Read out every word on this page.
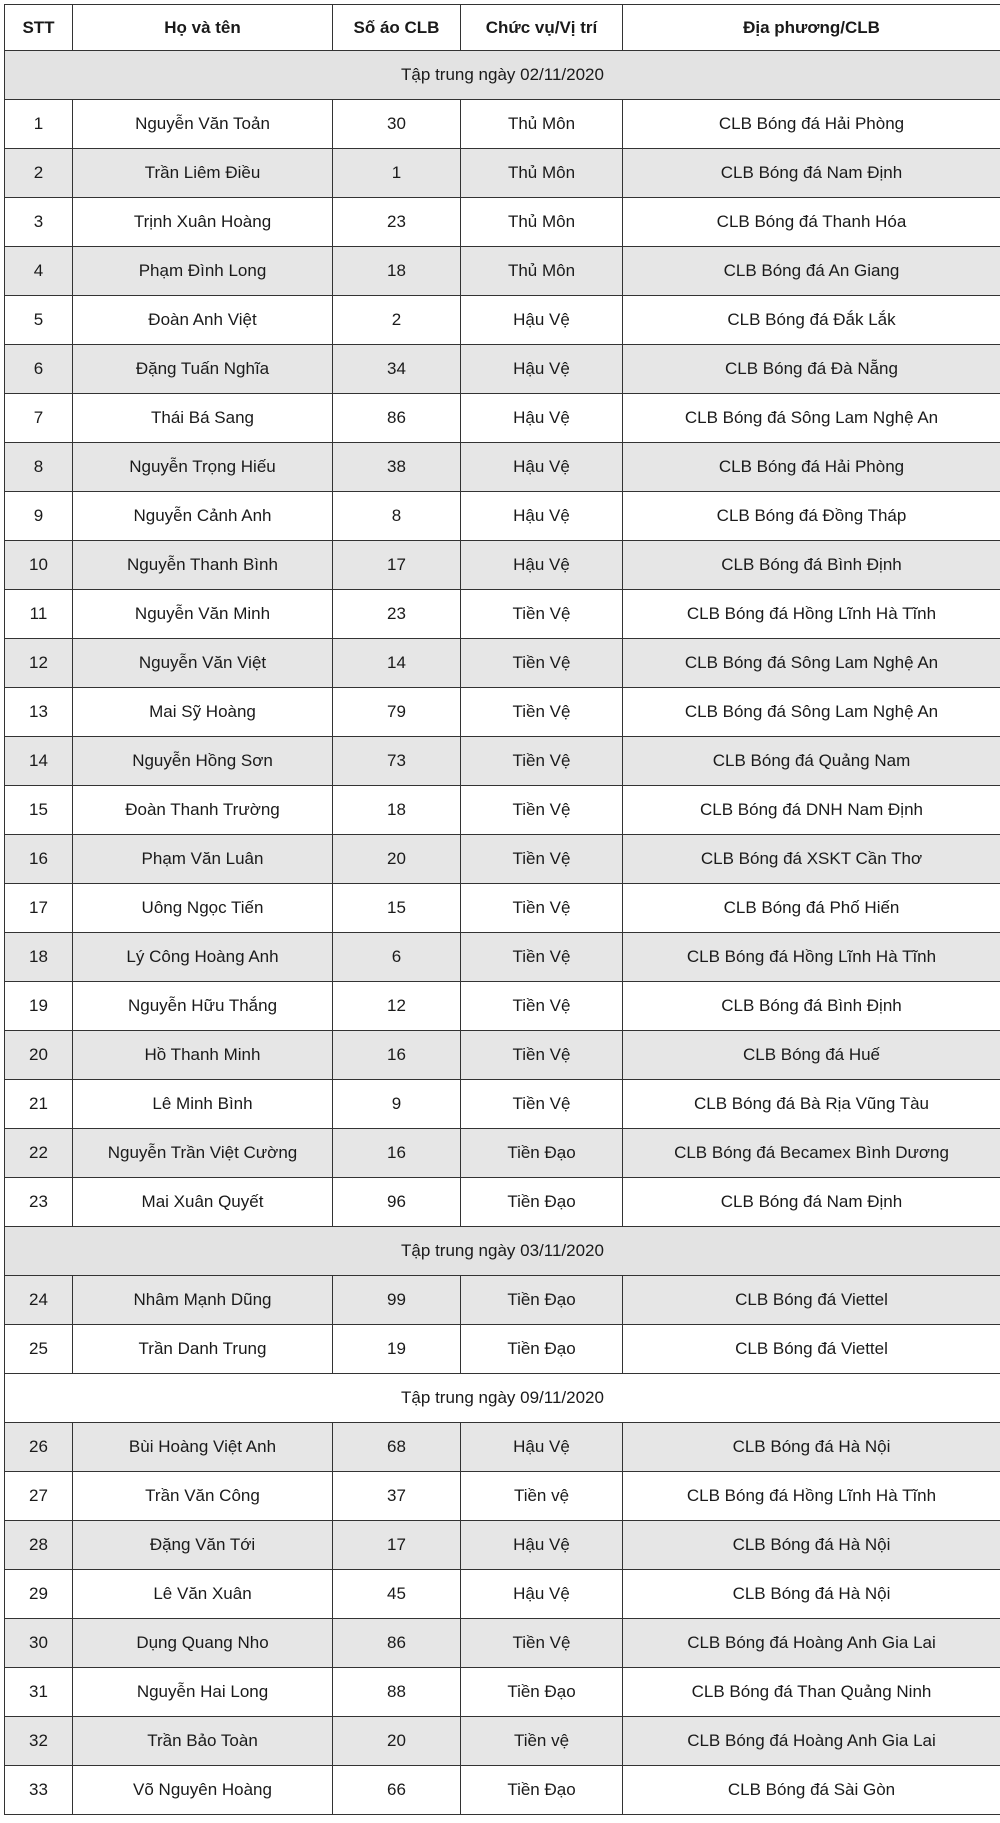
STT	Họ và tên	Số áo CLB	Chức vụ/Vị trí	Địa phương/CLB
Tập trung ngày 02/11/2020				
1	Nguyễn Văn Toản	30	Thủ Môn	CLB Bóng đá Hải Phòng
2	Trần Liêm Điều	1	Thủ Môn	CLB Bóng đá Nam Định
3	Trịnh Xuân Hoàng	23	Thủ Môn	CLB Bóng đá Thanh Hóa
4	Phạm Đình Long	18	Thủ Môn	CLB Bóng đá An Giang
5	Đoàn Anh Việt	2	Hậu Vệ	CLB Bóng đá Đắk Lắk
6	Đặng Tuấn Nghĩa	34	Hậu Vệ	CLB Bóng đá Đà Nẵng
7	Thái Bá Sang	86	Hậu Vệ	CLB Bóng đá Sông Lam Nghệ An
8	Nguyễn Trọng Hiếu	38	Hậu Vệ	CLB Bóng đá Hải Phòng
9	Nguyễn Cảnh Anh	8	Hậu Vệ	CLB Bóng đá Đồng Tháp
10	Nguyễn Thanh Bình	17	Hậu Vệ	CLB Bóng đá Bình Định
11	Nguyễn Văn Minh	23	Tiền Vệ	CLB Bóng đá Hồng Lĩnh Hà Tĩnh
12	Nguyễn Văn Việt	14	Tiền Vệ	CLB Bóng đá Sông Lam Nghệ An
13	Mai Sỹ Hoàng	79	Tiền Vệ	CLB Bóng đá Sông Lam Nghệ An
14	Nguyễn Hồng Sơn	73	Tiền Vệ	CLB Bóng đá Quảng Nam
15	Đoàn Thanh Trường	18	Tiền Vệ	CLB Bóng đá DNH Nam Định
16	Phạm Văn Luân	20	Tiền Vệ	CLB Bóng đá XSKT Cần Thơ
17	Uông Ngọc Tiến	15	Tiền Vệ	CLB Bóng đá Phố Hiến
18	Lý Công Hoàng Anh	6	Tiền Vệ	CLB Bóng đá Hồng Lĩnh Hà Tĩnh
19	Nguyễn Hữu Thắng	12	Tiền Vệ	CLB Bóng đá Bình Định
20	Hồ Thanh Minh	16	Tiền Vệ	CLB Bóng đá Huế
21	Lê Minh Bình	9	Tiền Vệ	CLB Bóng đá Bà Rịa Vũng Tàu
22	Nguyễn Trần Việt Cường	16	Tiền Đạo	CLB Bóng đá Becamex Bình Dương
23	Mai Xuân Quyết	96	Tiền Đạo	CLB Bóng đá Nam Định
Tập trung ngày 03/11/2020				
24	Nhâm Mạnh Dũng	99	Tiền Đạo	CLB Bóng đá Viettel
25	Trần Danh Trung	19	Tiền Đạo	CLB Bóng đá Viettel
Tập trung ngày 09/11/2020				
26	Bùi Hoàng Việt Anh	68	Hậu Vệ	CLB Bóng đá Hà Nội
27	Trần Văn Công	37	Tiền vệ	CLB Bóng đá Hồng Lĩnh Hà Tĩnh
28	Đặng Văn Tới	17	Hậu Vệ	CLB Bóng đá Hà Nội
29	Lê Văn Xuân	45	Hậu Vệ	CLB Bóng đá Hà Nội
30	Dụng Quang Nho	86	Tiền Vệ	CLB Bóng đá Hoàng Anh Gia Lai
31	Nguyễn Hai Long	88	Tiền Đạo	CLB Bóng đá Than Quảng Ninh
32	Trần Bảo Toàn	20	Tiền vệ	CLB Bóng đá Hoàng Anh Gia Lai
33	Võ Nguyên Hoàng	66	Tiền Đạo	CLB Bóng đá Sài Gòn
